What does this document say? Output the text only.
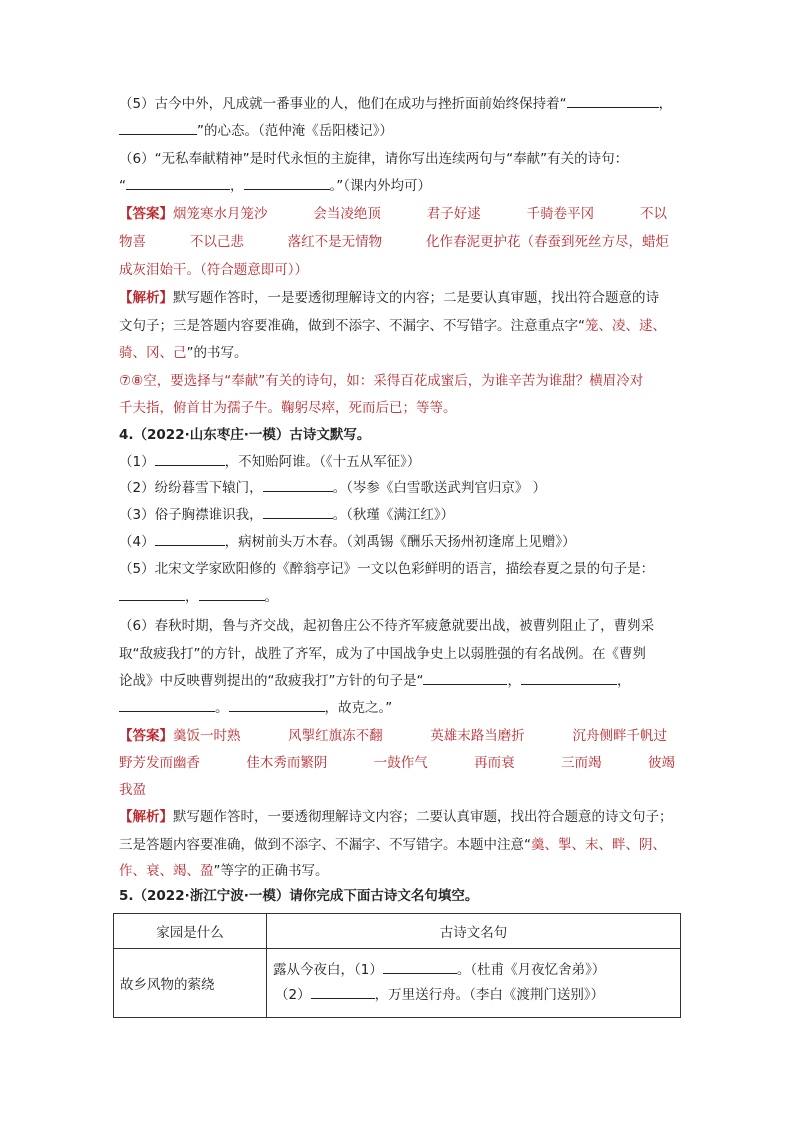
（5）古今中外，凡成就一番事业的人，他们在成功与挫折面前始终保持着“	，
”的心态。（范仲淹《岳阳楼记》）
（6）“无私奉献精神”是时代永恒的主旋律，请你写出连续两句与“奉献”有关的诗句：
“	，	。”（课内外均可）
【答案】烟笼寒水月笼沙	会当凌绝顶	君子好逑	千骑卷平冈	不以
物喜	不以己悲	落红不是无情物	化作春泥更护花（春蚕到死丝方尽，蜡炬
成灰泪始干。（符合题意即可））
【解析】默写题作答时，一是要透彻理解诗文的内容；二是要认真审题，找出符合题意的诗
文句子；三是答题内容要准确，做到不添字、不漏字、不写错字。注意重点字“笼、凌、逑、
骑、冈、己”的书写。
⑦⑧空，要选择与“奉献”有关的诗句，如：采得百花成蜜后，为谁辛苦为谁甜？横眉冷对
千夫指，俯首甘为孺子牛。鞠躬尽瘁，死而后已；等等。
4.（2022·山东枣庄·一模）古诗文默写。
（1）	，不知贻阿谁。（《十五从军征》）
（2）纷纷暮雪下辕门，	。（岑参《白雪歌送武判官归京》 ）
（3）俗子胸襟谁识我，	。（秋瑾《满江红》）
（4）	，病树前头万木春。（刘禹锡《酬乐天扬州初逢席上见赠》）
（5）北宋文学家欧阳修的《醉翁亭记》一文以色彩鲜明的语言，描绘春夏之景的句子是：
，	。
（6）春秋时期，鲁与齐交战，起初鲁庄公不待齐军疲惫就要出战，被曹刿阻止了，曹刿采
取“敌疲我打”的方针，战胜了齐军，成为了中国战争史上以弱胜强的有名战例。在《曹刿
论战》中反映曹刿提出的“敌疲我打”方针的句子是“	，	，
。	，故克之。”
【答案】羹饭一时熟	风掣红旗冻不翻	英雄末路当磨折	沉舟侧畔千帆过
野芳发而幽香	佳木秀而繁阴	一鼓作气	再而衰	三而竭	彼竭
我盈
【解析】默写题作答时，一要透彻理解诗文内容；二要认真审题，找出符合题意的诗文句子；
三是答题内容要准确，做到不添字、不漏字、不写错字。本题中注意“羹、掣、末、畔、阴、
作、衰、竭、盈”等字的正确书写。
5.（2022·浙江宁波·一模）请你完成下面古诗文名句填空。
家园是什么	古诗文名句
故乡风物的萦绕	露从今夜白，（1） 。（杜甫《月夜忆舍弟》）
（2） ，万里送行舟。（李白《渡荆门送别》）
